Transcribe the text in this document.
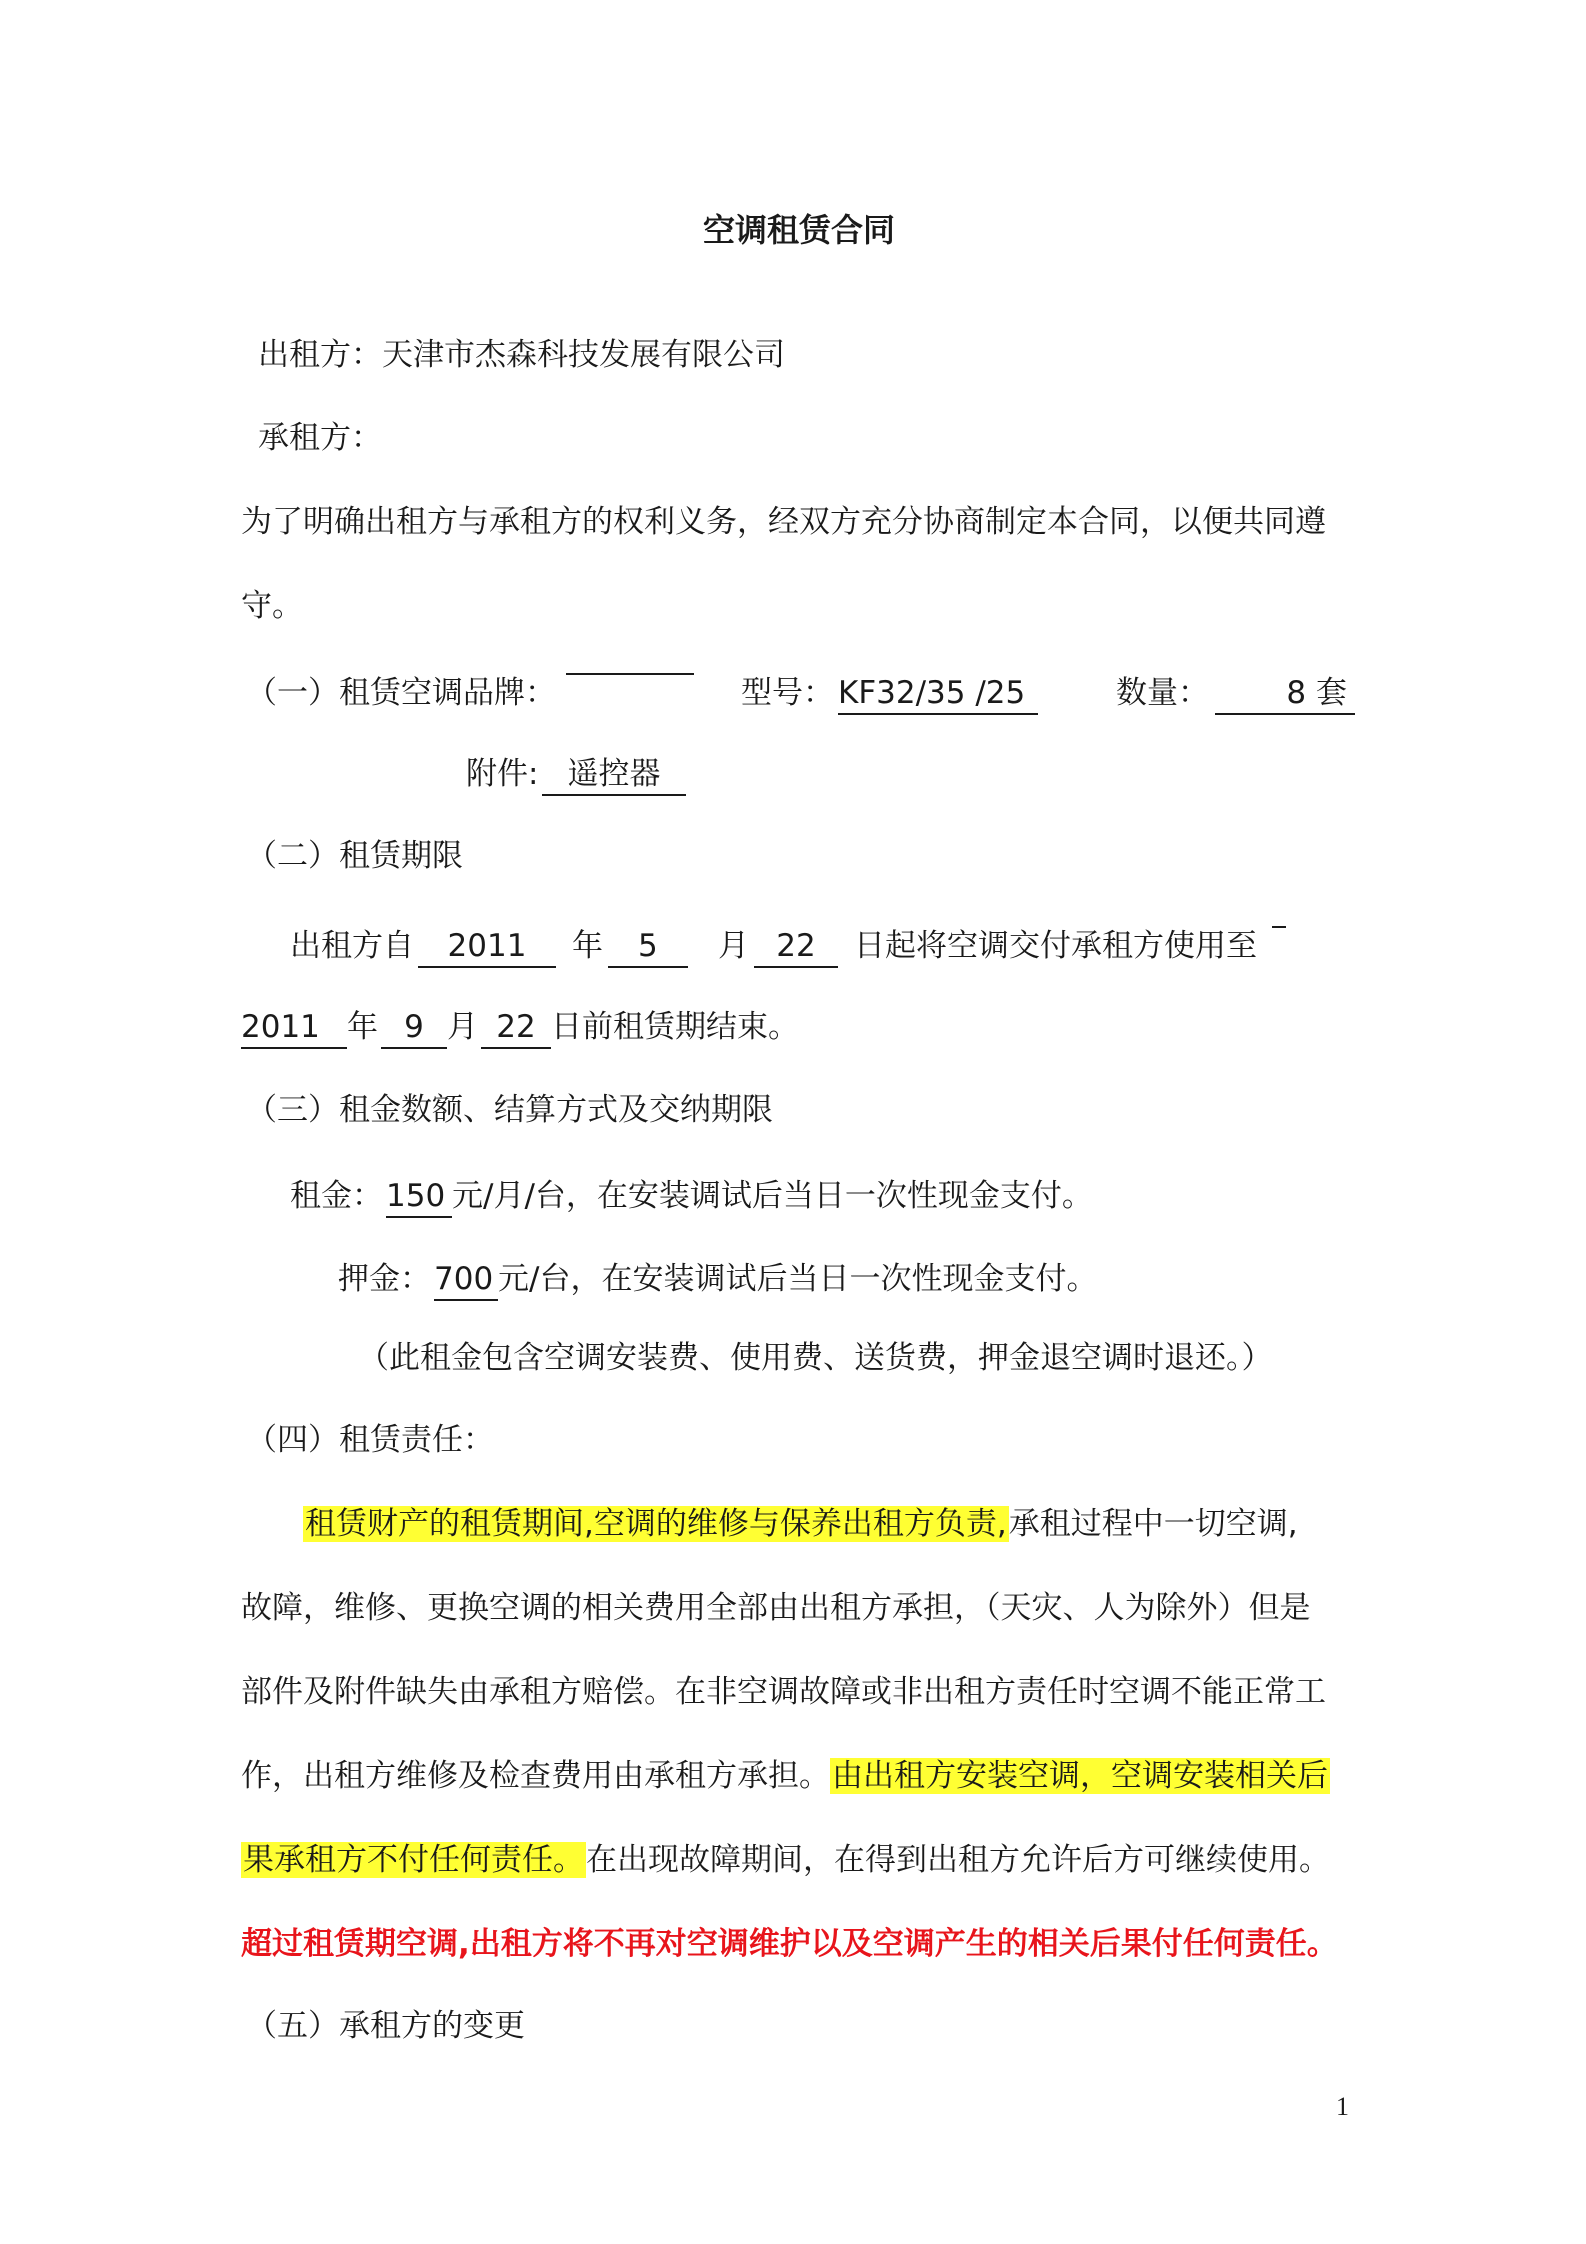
空调租赁合同
出租方：天津市杰森科技发展有限公司
承租方：
为了明确出租方与承租方的权利义务，经双方充分协商制定本合同，以便共同遵
守。
（一）租赁空调品牌：	型号： KF32/35 /25	数量：	8 套
附件: 遥控器
（二）租赁期限
出租方自	2011	年	5	月 22	日起将空调交付承租方使用至
2011 年 9 月 22 日前租赁期结束。
（三）租金数额、结算方式及交纳期限
租金： 150 元/月/台，在安装调试后当日一次性现金支付。
押金： 700 元/台，在安装调试后当日一次性现金支付。
（此租金包含空调安装费、使用费、送货费，押金退空调时退还。）
（四）租赁责任：
租赁财产的租赁期间,空调的维修与保养出租方负责,承租过程中一切空调,
故障，维修、更换空调的相关费用全部由出租方承担，（天灾、人为除外）但是
部件及附件缺失由承租方赔偿。在非空调故障或非出租方责任时空调不能正常工
作，出租方维修及检查费用由承租方承担。由出租方安装空调，空调安装相关后
果承租方不付任何责任。在出现故障期间，在得到出租方允许后方可继续使用。
超过租赁期空调,出租方将不再对空调维护以及空调产生的相关后果付任何责任。
（五）承租方的变更
1
